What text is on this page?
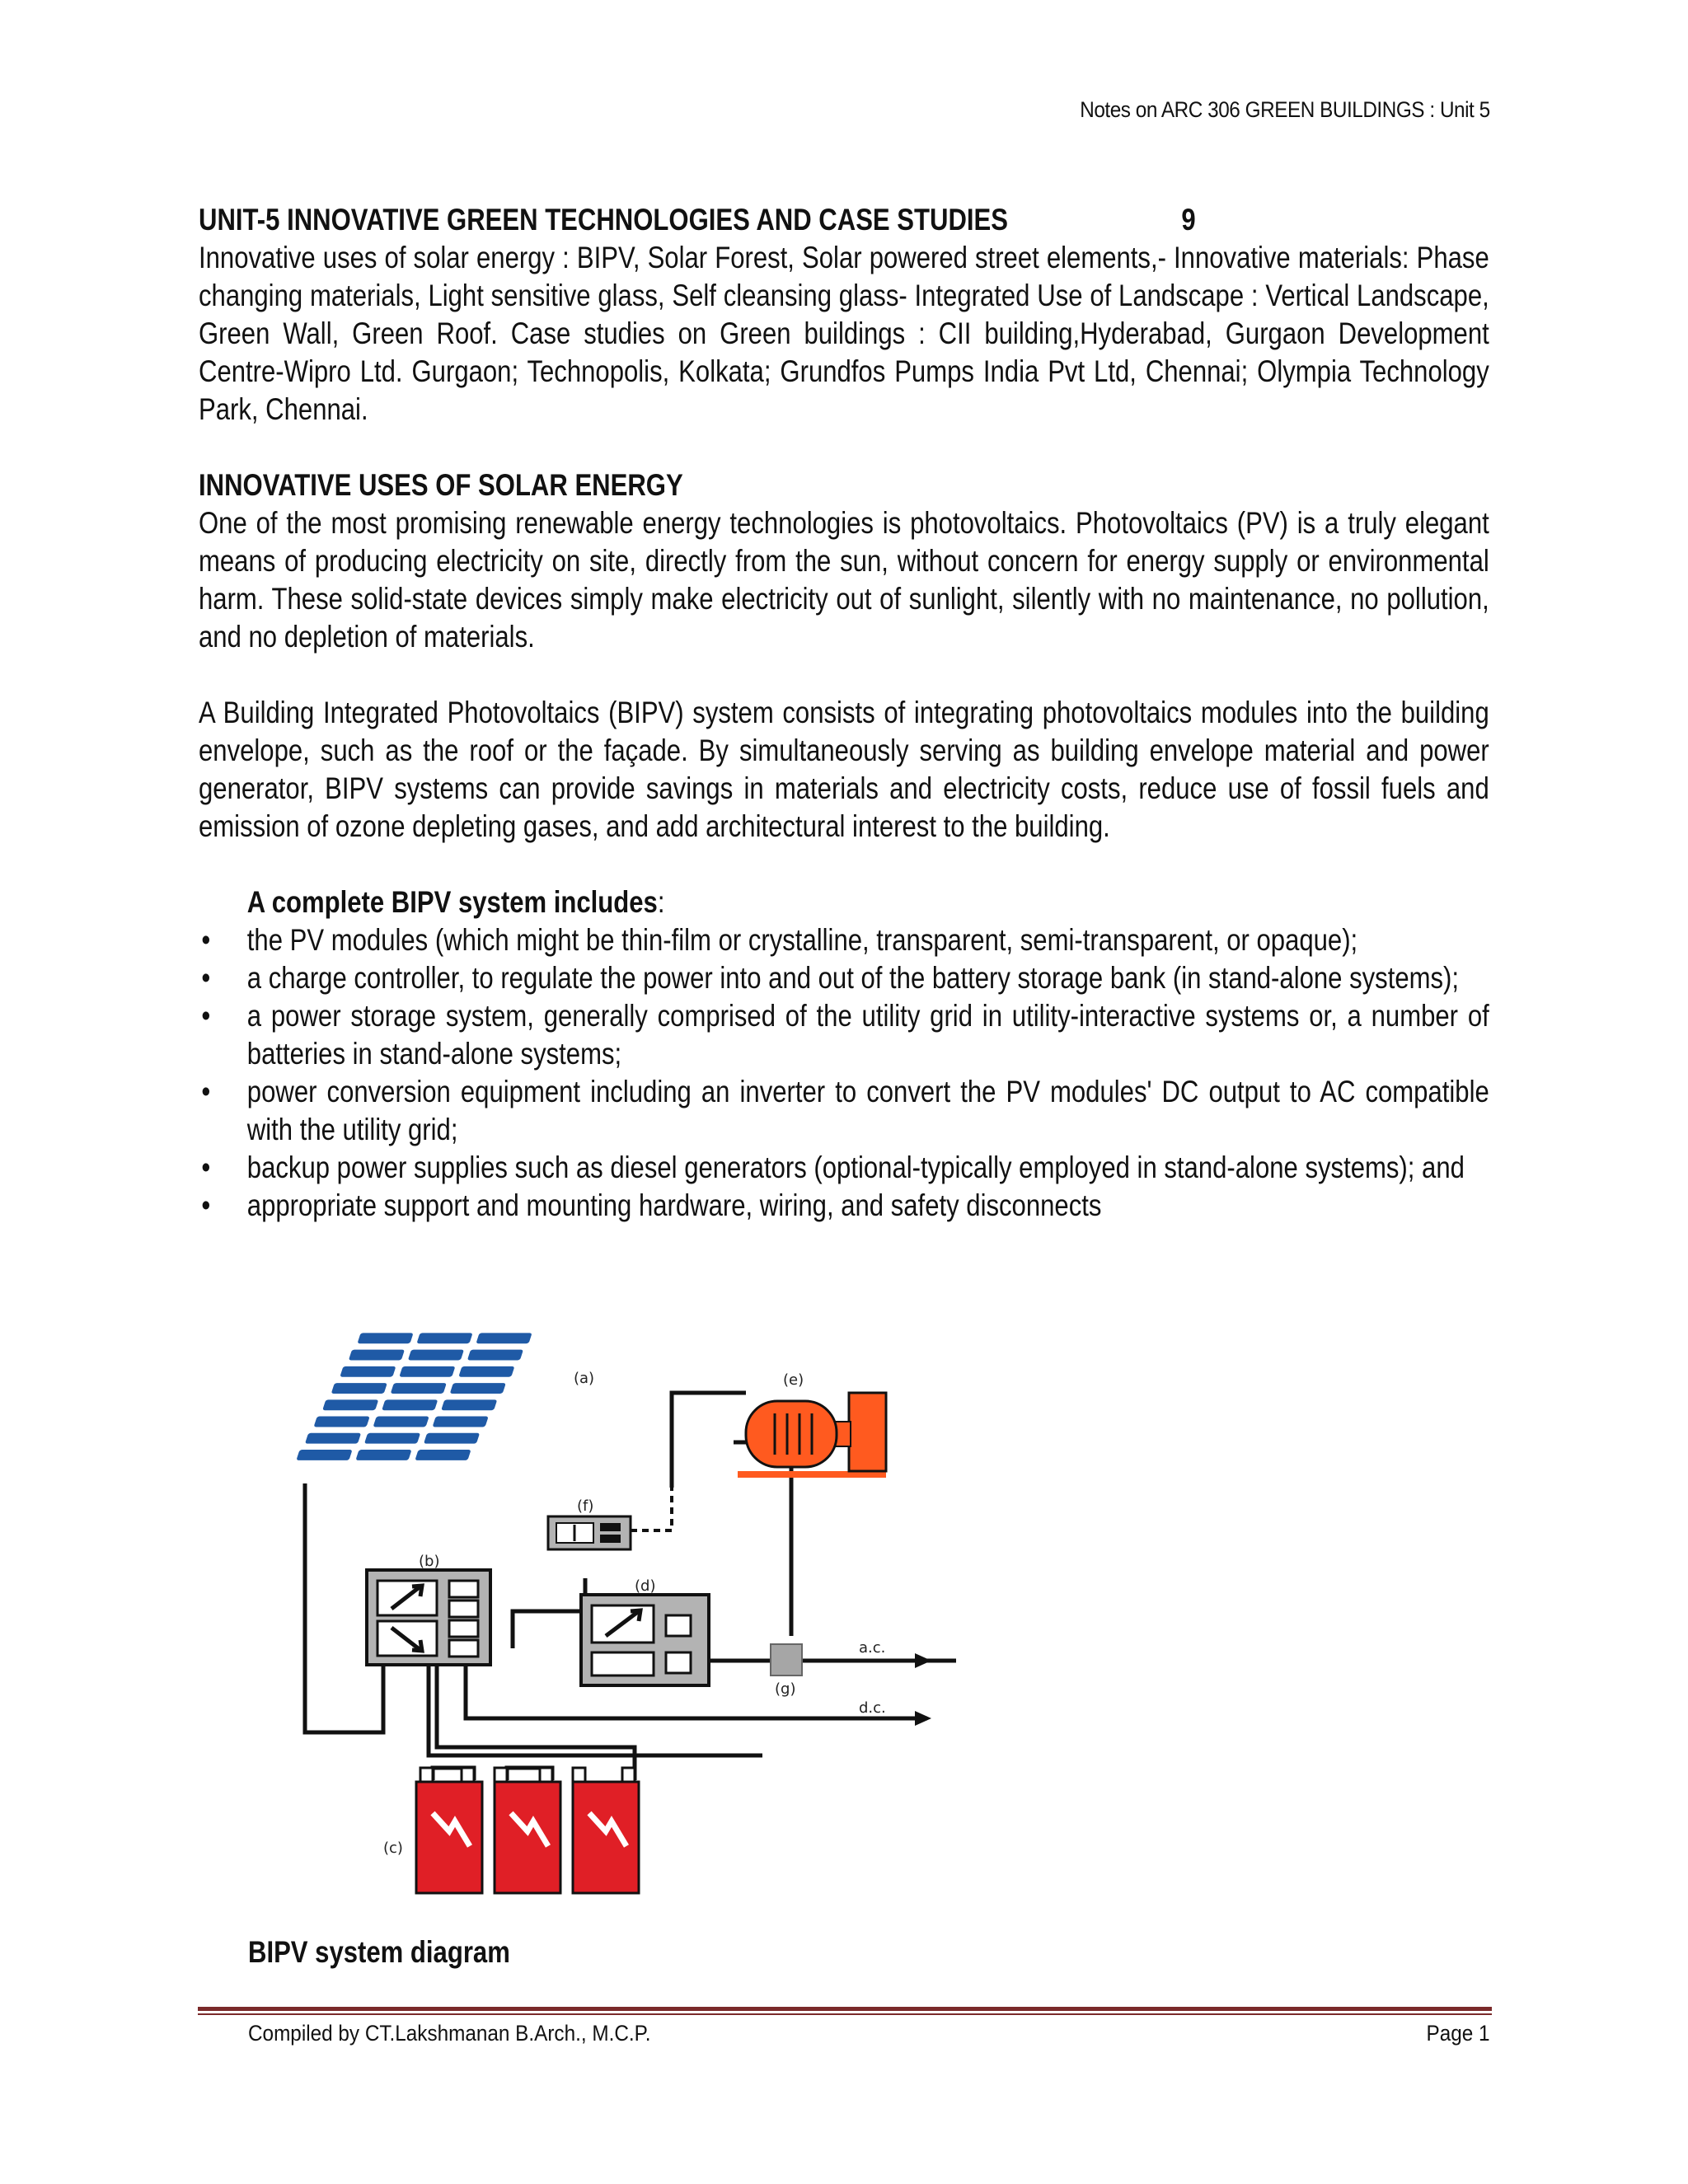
Notes on ARC 306 GREEN BUILDINGS : Unit 5
UNIT-5 INNOVATIVE GREEN TECHNOLOGIES AND CASE STUDIES	9

Innovative uses of solar energy : BIPV, Solar Forest, Solar powered street elements,- Innovative materials: Phase changing materials, Light sensitive glass, Self cleansing glass- Integrated Use of Landscape : Vertical Landscape, Green Wall, Green Roof. Case studies on Green buildings : CII building,Hyderabad, Gurgaon Development Centre-Wipro Ltd. Gurgaon; Technopolis, Kolkata; Grundfos Pumps India Pvt Ltd, Chennai; Olympia Technology Park, Chennai.

INNOVATIVE USES OF SOLAR ENERGY

One of the most promising renewable energy technologies is photovoltaics. Photovoltaics (PV) is a truly elegant means of producing electricity on site, directly from the sun, without concern for energy supply or environmental harm. These solid-state devices simply make electricity out of sunlight, silently with no maintenance, no pollution, and no depletion of materials.

A Building Integrated Photovoltaics (BIPV) system consists of integrating photovoltaics modules into the building envelope, such as the roof or the façade. By simultaneously serving as building envelope material and power generator, BIPV systems can provide savings in materials and electricity costs, reduce use of fossil fuels and emission of ozone depleting gases, and add architectural interest to the building.

A complete BIPV system includes:
• the PV modules (which might be thin-film or crystalline, transparent, semi-transparent, or opaque);
• a charge controller, to regulate the power into and out of the battery storage bank (in stand-alone systems);
• a power storage system, generally comprised of the utility grid in utility-interactive systems or, a number of batteries in stand-alone systems;
• power conversion equipment including an inverter to convert the PV modules' DC output to AC compatible with the utility grid;
• backup power supplies such as diesel generators (optional-typically employed in stand-alone systems); and
• appropriate support and mounting hardware, wiring, and safety disconnects
(a)
(b)
(c)
(d)
(e)
(f)
(g)
a.c.
d.c.
BIPV system diagram
Compiled by CT.Lakshmanan B.Arch., M.C.P.	Page 1
